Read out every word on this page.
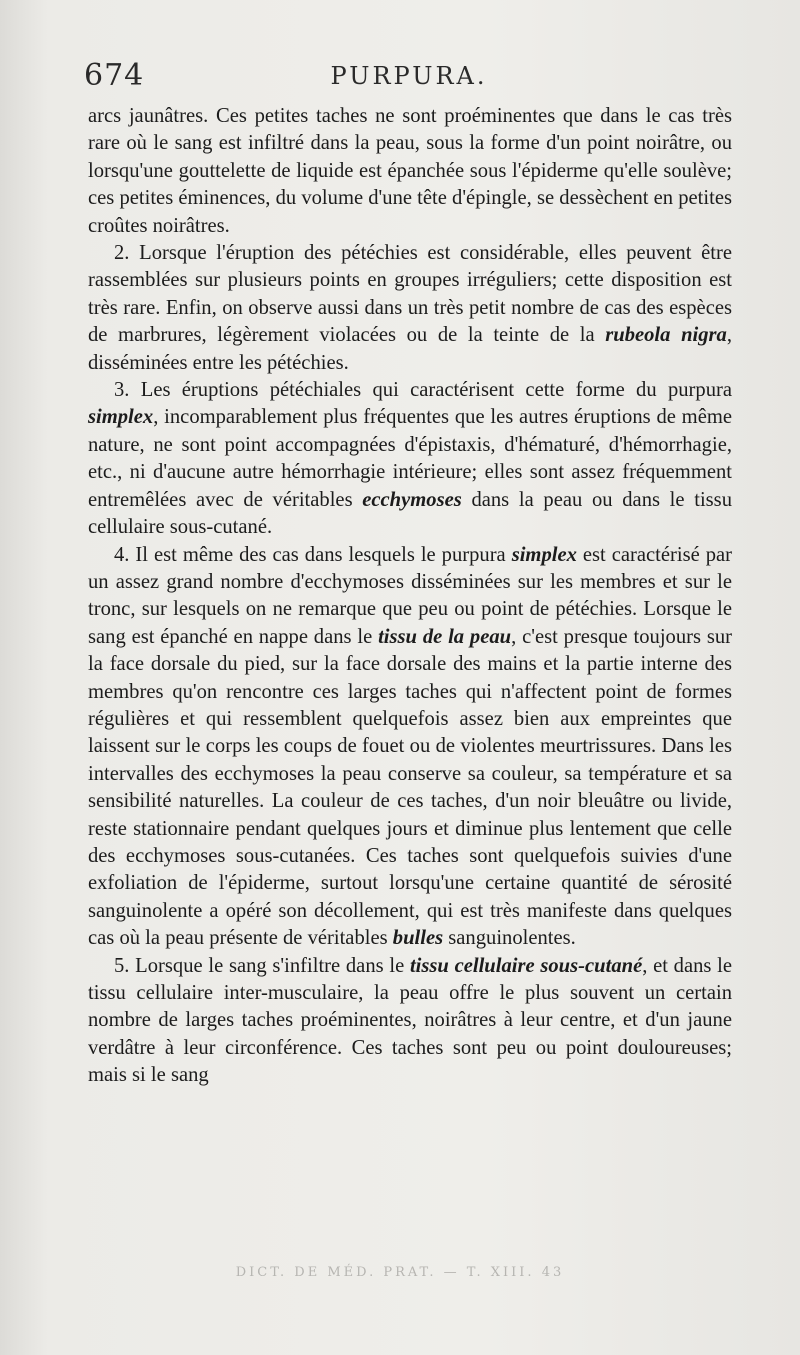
674	PURPURA.

arcs jaunâtres. Ces petites taches ne sont proéminentes que dans le cas très rare où le sang est infiltré dans la peau, sous la forme d'un point noirâtre, ou lorsqu'une gouttelette de liquide est épanchée sous l'épiderme qu'elle soulève; ces petites éminences, du volume d'une tête d'épingle, se dessèchent en petites croûtes noirâtres.

2. Lorsque l'éruption des pétéchies est considérable, elles peuvent être rassemblées sur plusieurs points en groupes irréguliers; cette disposition est très rare. Enfin, on observe aussi dans un très petit nombre de cas des espèces de marbrures, légèrement violacées ou de la teinte de la rubeola nigra, disséminées entre les pétéchies.

3. Les éruptions pétéchiales qui caractérisent cette forme du purpura simplex, incomparablement plus fréquentes que les autres éruptions de même nature, ne sont point accompagnées d'épistaxis, d'hématuré, d'hémorrhagie, etc., ni d'aucune autre hémorrhagie intérieure; elles sont assez fréquemment entremêlées avec de véritables ecchymoses dans la peau ou dans le tissu cellulaire sous-cutané.

4. Il est même des cas dans lesquels le purpura simplex est caractérisé par un assez grand nombre d'ecchymoses disséminées sur les membres et sur le tronc, sur lesquels on ne remarque que peu ou point de pétéchies. Lorsque le sang est épanché en nappe dans le tissu de la peau, c'est presque toujours sur la face dorsale du pied, sur la face dorsale des mains et la partie interne des membres qu'on rencontre ces larges taches qui n'affectent point de formes régulières et qui ressemblent quelquefois assez bien aux empreintes que laissent sur le corps les coups de fouet ou de violentes meurtrissures. Dans les intervalles des ecchymoses la peau conserve sa couleur, sa température et sa sensibilité naturelles. La couleur de ces taches, d'un noir bleuâtre ou livide, reste stationnaire pendant quelques jours et diminue plus lentement que celle des ecchymoses sous-cutanées. Ces taches sont quelquefois suivies d'une exfoliation de l'épiderme, surtout lorsqu'une certaine quantité de sérosité sanguinolente a opéré son décollement, qui est très manifeste dans quelques cas où la peau présente de véritables bulles sanguinolentes.

5. Lorsque le sang s'infiltre dans le tissu cellulaire sous-cutané, et dans le tissu cellulaire inter-musculaire, la peau offre le plus souvent un certain nombre de larges taches proéminentes, noirâtres à leur centre, et d'un jaune verdâtre à leur circonférence. Ces taches sont peu ou point douloureuses; mais si le sang

DICT. DE MÉD. PRAT. — T. XIII. 43
